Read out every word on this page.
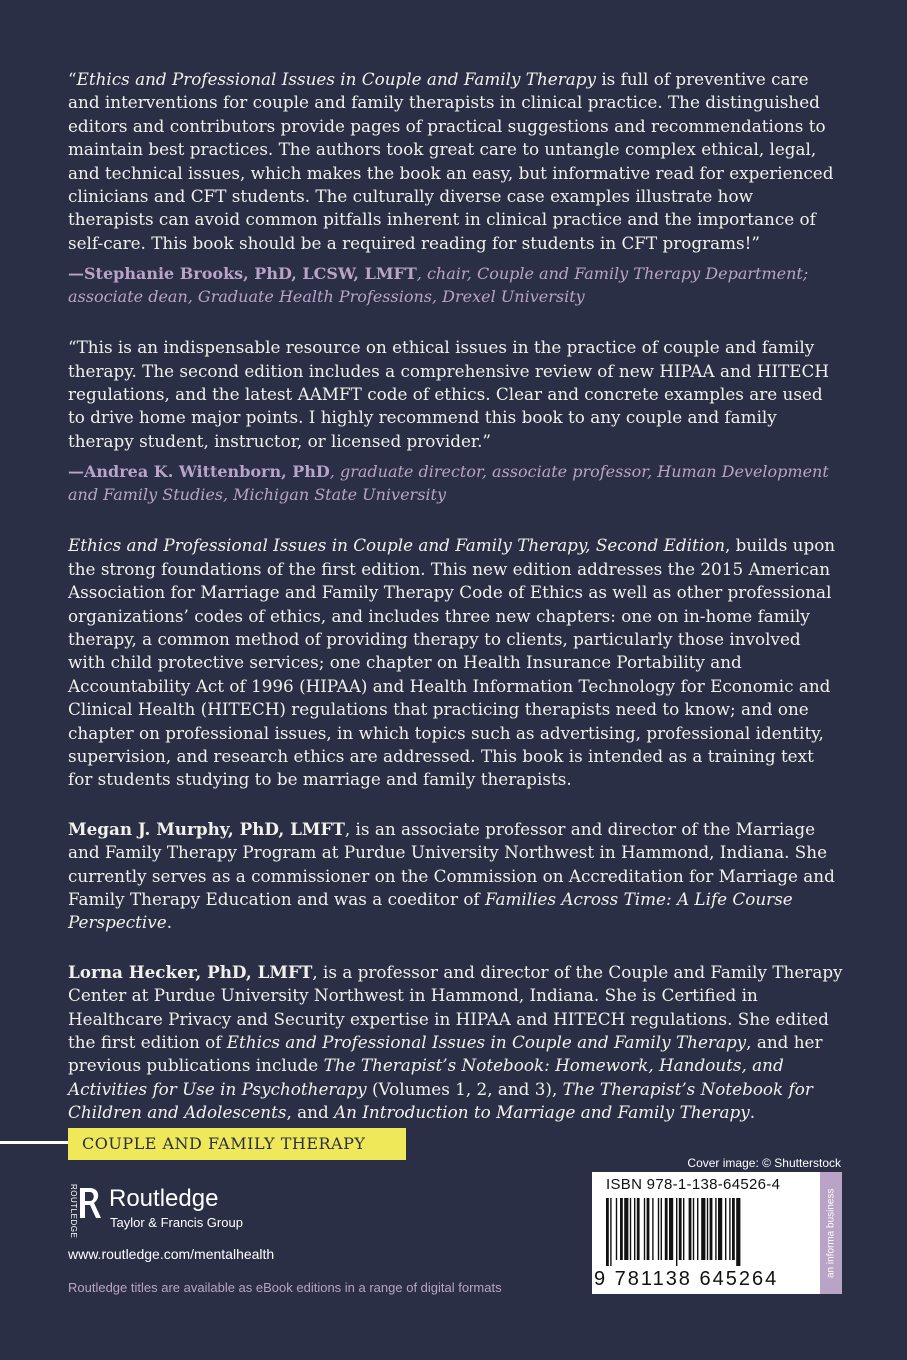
“Ethics and Professional Issues in Couple and Family Therapy is full of preventive care and interventions for couple and family therapists in clinical practice. The distinguished editors and contributors provide pages of practical suggestions and recommendations to maintain best practices. The authors took great care to untangle complex ethical, legal, and technical issues, which makes the book an easy, but informative read for experienced clinicians and CFT students. The culturally diverse case examples illustrate how therapists can avoid common pitfalls inherent in clinical practice and the importance of self-care. This book should be a required reading for students in CFT programs!”

—Stephanie Brooks, PhD, LCSW, LMFT, chair, Couple and Family Therapy Department; associate dean, Graduate Health Professions, Drexel University

“This is an indispensable resource on ethical issues in the practice of couple and family therapy. The second edition includes a comprehensive review of new HIPAA and HITECH regulations, and the latest AAMFT code of ethics. Clear and concrete examples are used to drive home major points. I highly recommend this book to any couple and family therapy student, instructor, or licensed provider.”

—Andrea K. Wittenborn, PhD, graduate director, associate professor, Human Development and Family Studies, Michigan State University

Ethics and Professional Issues in Couple and Family Therapy, Second Edition, builds upon the strong foundations of the first edition. This new edition addresses the 2015 American Association for Marriage and Family Therapy Code of Ethics as well as other professional organizations’ codes of ethics, and includes three new chapters: one on in-home family therapy, a common method of providing therapy to clients, particularly those involved with child protective services; one chapter on Health Insurance Portability and Accountability Act of 1996 (HIPAA) and Health Information Technology for Economic and Clinical Health (HITECH) regulations that practicing therapists need to know; and one chapter on professional issues, in which topics such as advertising, professional identity, supervision, and research ethics are addressed. This book is intended as a training text for students studying to be marriage and family therapists.

Megan J. Murphy, PhD, LMFT, is an associate professor and director of the Marriage and Family Therapy Program at Purdue University Northwest in Hammond, Indiana. She currently serves as a commissioner on the Commission on Accreditation for Marriage and Family Therapy Education and was a coeditor of Families Across Time: A Life Course Perspective.

Lorna Hecker, PhD, LMFT, is a professor and director of the Couple and Family Therapy Center at Purdue University Northwest in Hammond, Indiana. She is Certified in Healthcare Privacy and Security expertise in HIPAA and HITECH regulations. She edited the first edition of Ethics and Professional Issues in Couple and Family Therapy, and her previous publications include The Therapist’s Notebook: Homework, Handouts, and Activities for Use in Psychotherapy (Volumes 1, 2, and 3), The Therapist’s Notebook for Children and Adolescents, and An Introduction to Marriage and Family Therapy.

COUPLE AND FAMILY THERAPY
ROUTLEDGE Routledge
Taylor & Francis Group
www.routledge.com/mentalhealth
Routledge titles are available as eBook editions in a range of digital formats
Cover image: © Shutterstock
ISBN 978-1-138-64526-4
9 781138 645264
an informa business
